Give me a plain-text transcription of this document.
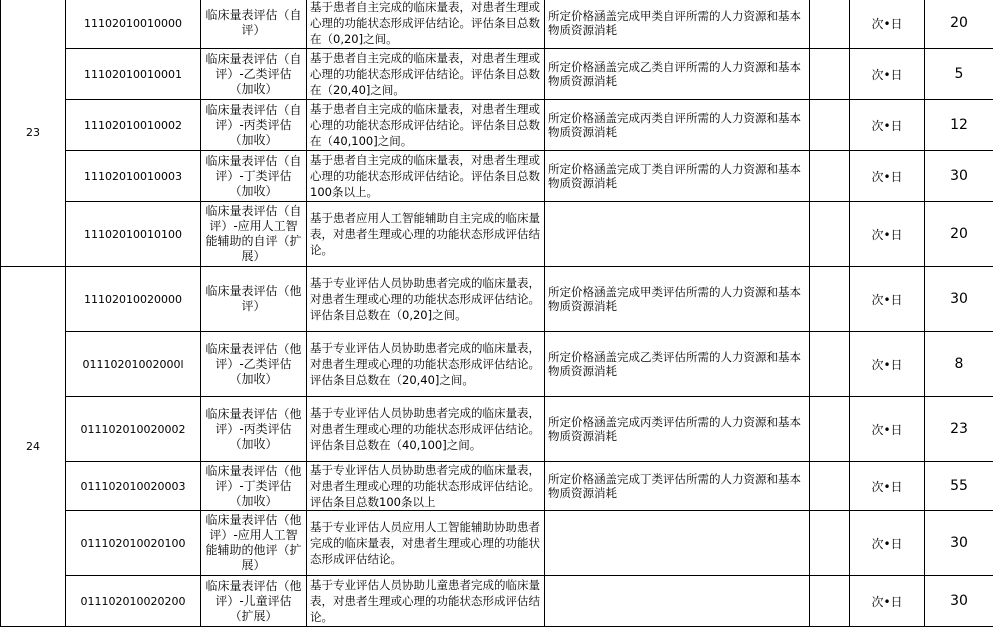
23	11102010010000	临床量表评估（自评）	基于患者自主完成的临床量表，对患者生理或心理的功能状态形成评估结论。评估条目总数在（0,20]之间。	所定价格涵盖完成甲类自评所需的人力资源和基本物质资源消耗		次•日	20
	11102010010001	临床量表评估（自评）-乙类评估（加收）	基于患者自主完成的临床量表，对患者生理或心理的功能状态形成评估结论。评估条目总数在（20,40]之间。	所定价格涵盖完成乙类自评所需的人力资源和基本物质资源消耗		次•日	5
	11102010010002	临床量表评估（自评）-丙类评估（加收）	基于患者自主完成的临床量表，对患者生理或心理的功能状态形成评估结论。评估条目总数在（40,100]之间。	所定价格涵盖完成丙类自评所需的人力资源和基本物质资源消耗		次•日	12
	11102010010003	临床量表评估（自评）-丁类评估（加收）	基于患者自主完成的临床量表，对患者生理或心理的功能状态形成评估结论。评估条目总数100条以上。	所定价格涵盖完成丁类自评所需的人力资源和基本物质资源消耗		次•日	30
	11102010010100	临床量表评估（自评）-应用人工智能辅助的自评（扩展）	基于患者应用人工智能辅助自主完成的临床量表，对患者生理或心理的功能状态形成评估结论。			次•日	20
24	11102010020000	临床量表评估（他评）	基于专业评估人员协助患者完成的临床量表，对患者生理或心理的功能状态形成评估结论。评估条目总数在（0,20]之间。	所定价格涵盖完成甲类评估所需的人力资源和基本物质资源消耗		次•日	30
	01110201002000l	临床量表评估（他评）-乙类评估（加收）	基于专业评估人员协助患者完成的临床量表，对患者生理或心理的功能状态形成评估结论。评估条目总数在（20,40]之间。	所定价格涵盖完成乙类评估所需的人力资源和基本物质资源消耗		次•日	8
	011102010020002	临床量表评估（他评）-丙类评估（加收）	基于专业评估人员协助患者完成的临床量表，对患者生理或心理的功能状态形成评估结论。评估条目总数在（40,100]之间。	所定价格涵盖完成丙类评估所需的人力资源和基本物质资源消耗		次•日	23
	011102010020003	临床量表评估（他评）-丁类评估（加收）	基于专业评估人员协助患者完成的临床量表，对患者生理或心理的功能状态形成评估结论。评估条目总数100条以上	所定价格涵盖完成丁类评估所需的人力资源和基本物质资源消耗		次•日	55
	011102010020100	临床量表评估（他评）-应用人工智能辅助的他评（扩展）	基于专业评估人员应用人工智能辅助协助患者完成的临床量表，对患者生理或心理的功能状态形成评估结论。			次•日	30
	011102010020200	临床量表评估（他评）-儿童评估（扩展）	基于专业评估人员协助儿童患者完成的临床量表，对患者生理或心理的功能状态形成评估结论。			次•日	30
